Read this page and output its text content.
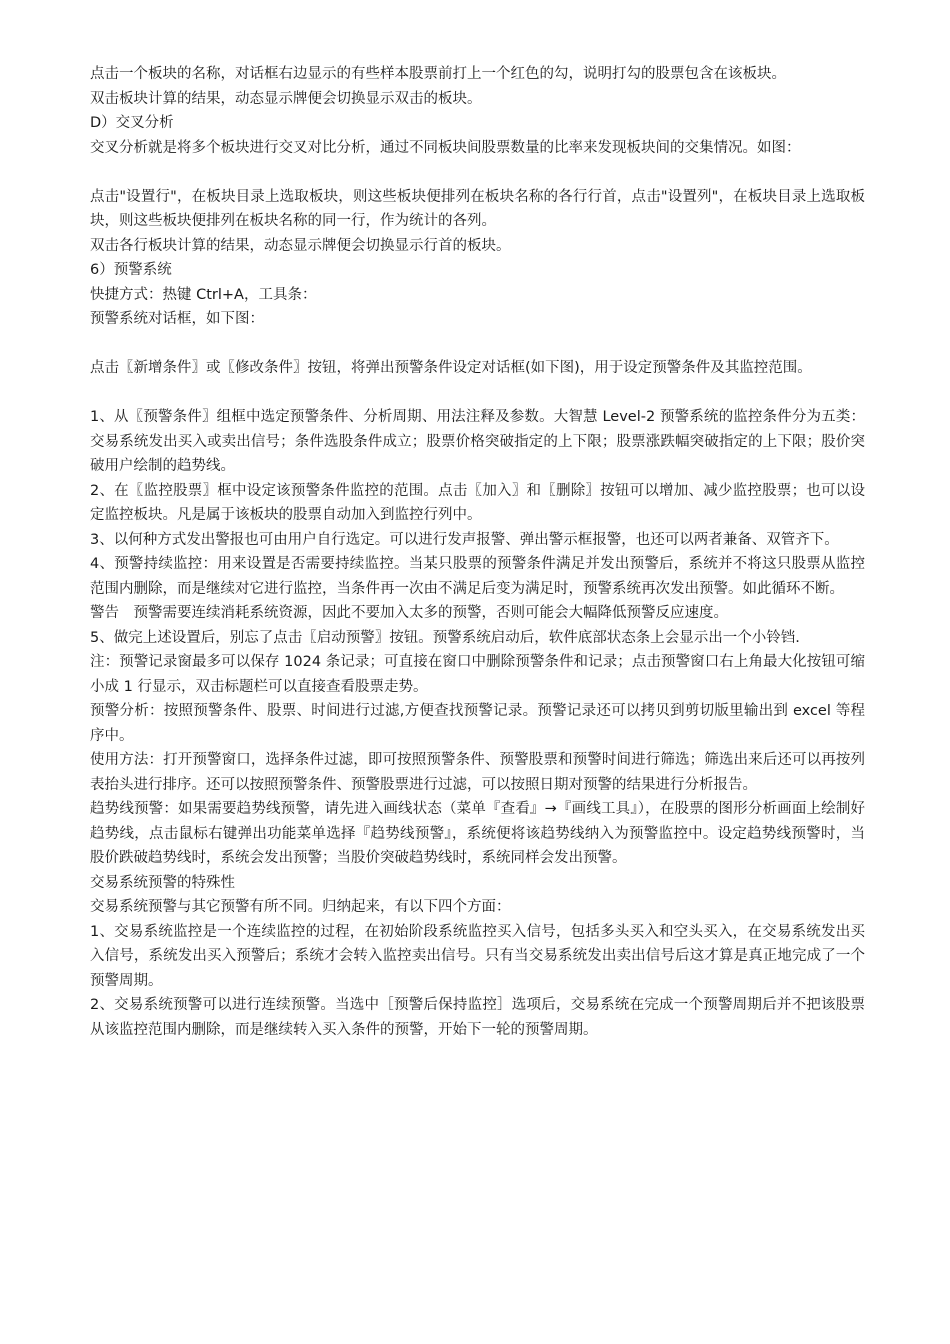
点击一个板块的名称，对话框右边显示的有些样本股票前打上一个红色的勾，说明打勾的股票包含在该板块。

双击板块计算的结果，动态显示牌便会切换显示双击的板块。

D）交叉分析

交叉分析就是将多个板块进行交叉对比分析，通过不同板块间股票数量的比率来发现板块间的交集情况。如图：

点击"设置行"，在板块目录上选取板块，则这些板块便排列在板块名称的各行行首，点击"设置列"，在板块目录上选取板块，则这些板块便排列在板块名称的同一行，作为统计的各列。

双击各行板块计算的结果，动态显示牌便会切换显示行首的板块。

6）预警系统

快捷方式：热键 Ctrl+A，工具条：

预警系统对话框，如下图：

点击〖新增条件〗或〖修改条件〗按钮，将弹出预警条件设定对话框(如下图)，用于设定预警条件及其监控范围。

1、从〖预警条件〗组框中选定预警条件、分析周期、用法注释及参数。大智慧 Level-2 预警系统的监控条件分为五类：交易系统发出买入或卖出信号；条件选股条件成立；股票价格突破指定的上下限；股票涨跌幅突破指定的上下限；股价突破用户绘制的趋势线。

2、在〖监控股票〗框中设定该预警条件监控的范围。点击〖加入〗和〖删除〗按钮可以增加、减少监控股票；也可以设定监控板块。凡是属于该板块的股票自动加入到监控行列中。

3、以何种方式发出警报也可由用户自行选定。可以进行发声报警、弹出警示框报警，也还可以两者兼备、双管齐下。

4、预警持续监控：用来设置是否需要持续监控。当某只股票的预警条件满足并发出预警后，系统并不将这只股票从监控范围内删除，而是继续对它进行监控，当条件再一次由不满足后变为满足时，预警系统再次发出预警。如此循环不断。

警告　预警需要连续消耗系统资源，因此不要加入太多的预警，否则可能会大幅降低预警反应速度。

5、做完上述设置后，别忘了点击〖启动预警〗按钮。预警系统启动后，软件底部状态条上会显示出一个小铃铛.

注：预警记录窗最多可以保存 1024 条记录；可直接在窗口中删除预警条件和记录；点击预警窗口右上角最大化按钮可缩小成 1 行显示，双击标题栏可以直接查看股票走势。

预警分析：按照预警条件、股票、时间进行过滤,方便查找预警记录。预警记录还可以拷贝到剪切版里输出到 excel 等程序中。

使用方法：打开预警窗口，选择条件过滤，即可按照预警条件、预警股票和预警时间进行筛选；筛选出来后还可以再按列表抬头进行排序。还可以按照预警条件、预警股票进行过滤，可以按照日期对预警的结果进行分析报告。

趋势线预警：如果需要趋势线预警，请先进入画线状态（菜单『查看』→『画线工具』），在股票的图形分析画面上绘制好趋势线，点击鼠标右键弹出功能菜单选择『趋势线预警』，系统便将该趋势线纳入为预警监控中。设定趋势线预警时，当股价跌破趋势线时，系统会发出预警；当股价突破趋势线时，系统同样会发出预警。

交易系统预警的特殊性

交易系统预警与其它预警有所不同。归纳起来，有以下四个方面：

1、交易系统监控是一个连续监控的过程，在初始阶段系统监控买入信号，包括多头买入和空头买入，在交易系统发出买入信号，系统发出买入预警后；系统才会转入监控卖出信号。只有当交易系统发出卖出信号后这才算是真正地完成了一个预警周期。

2、交易系统预警可以进行连续预警。当选中［预警后保持监控］选项后，交易系统在完成一个预警周期后并不把该股票从该监控范围内删除，而是继续转入买入条件的预警，开始下一轮的预警周期。
